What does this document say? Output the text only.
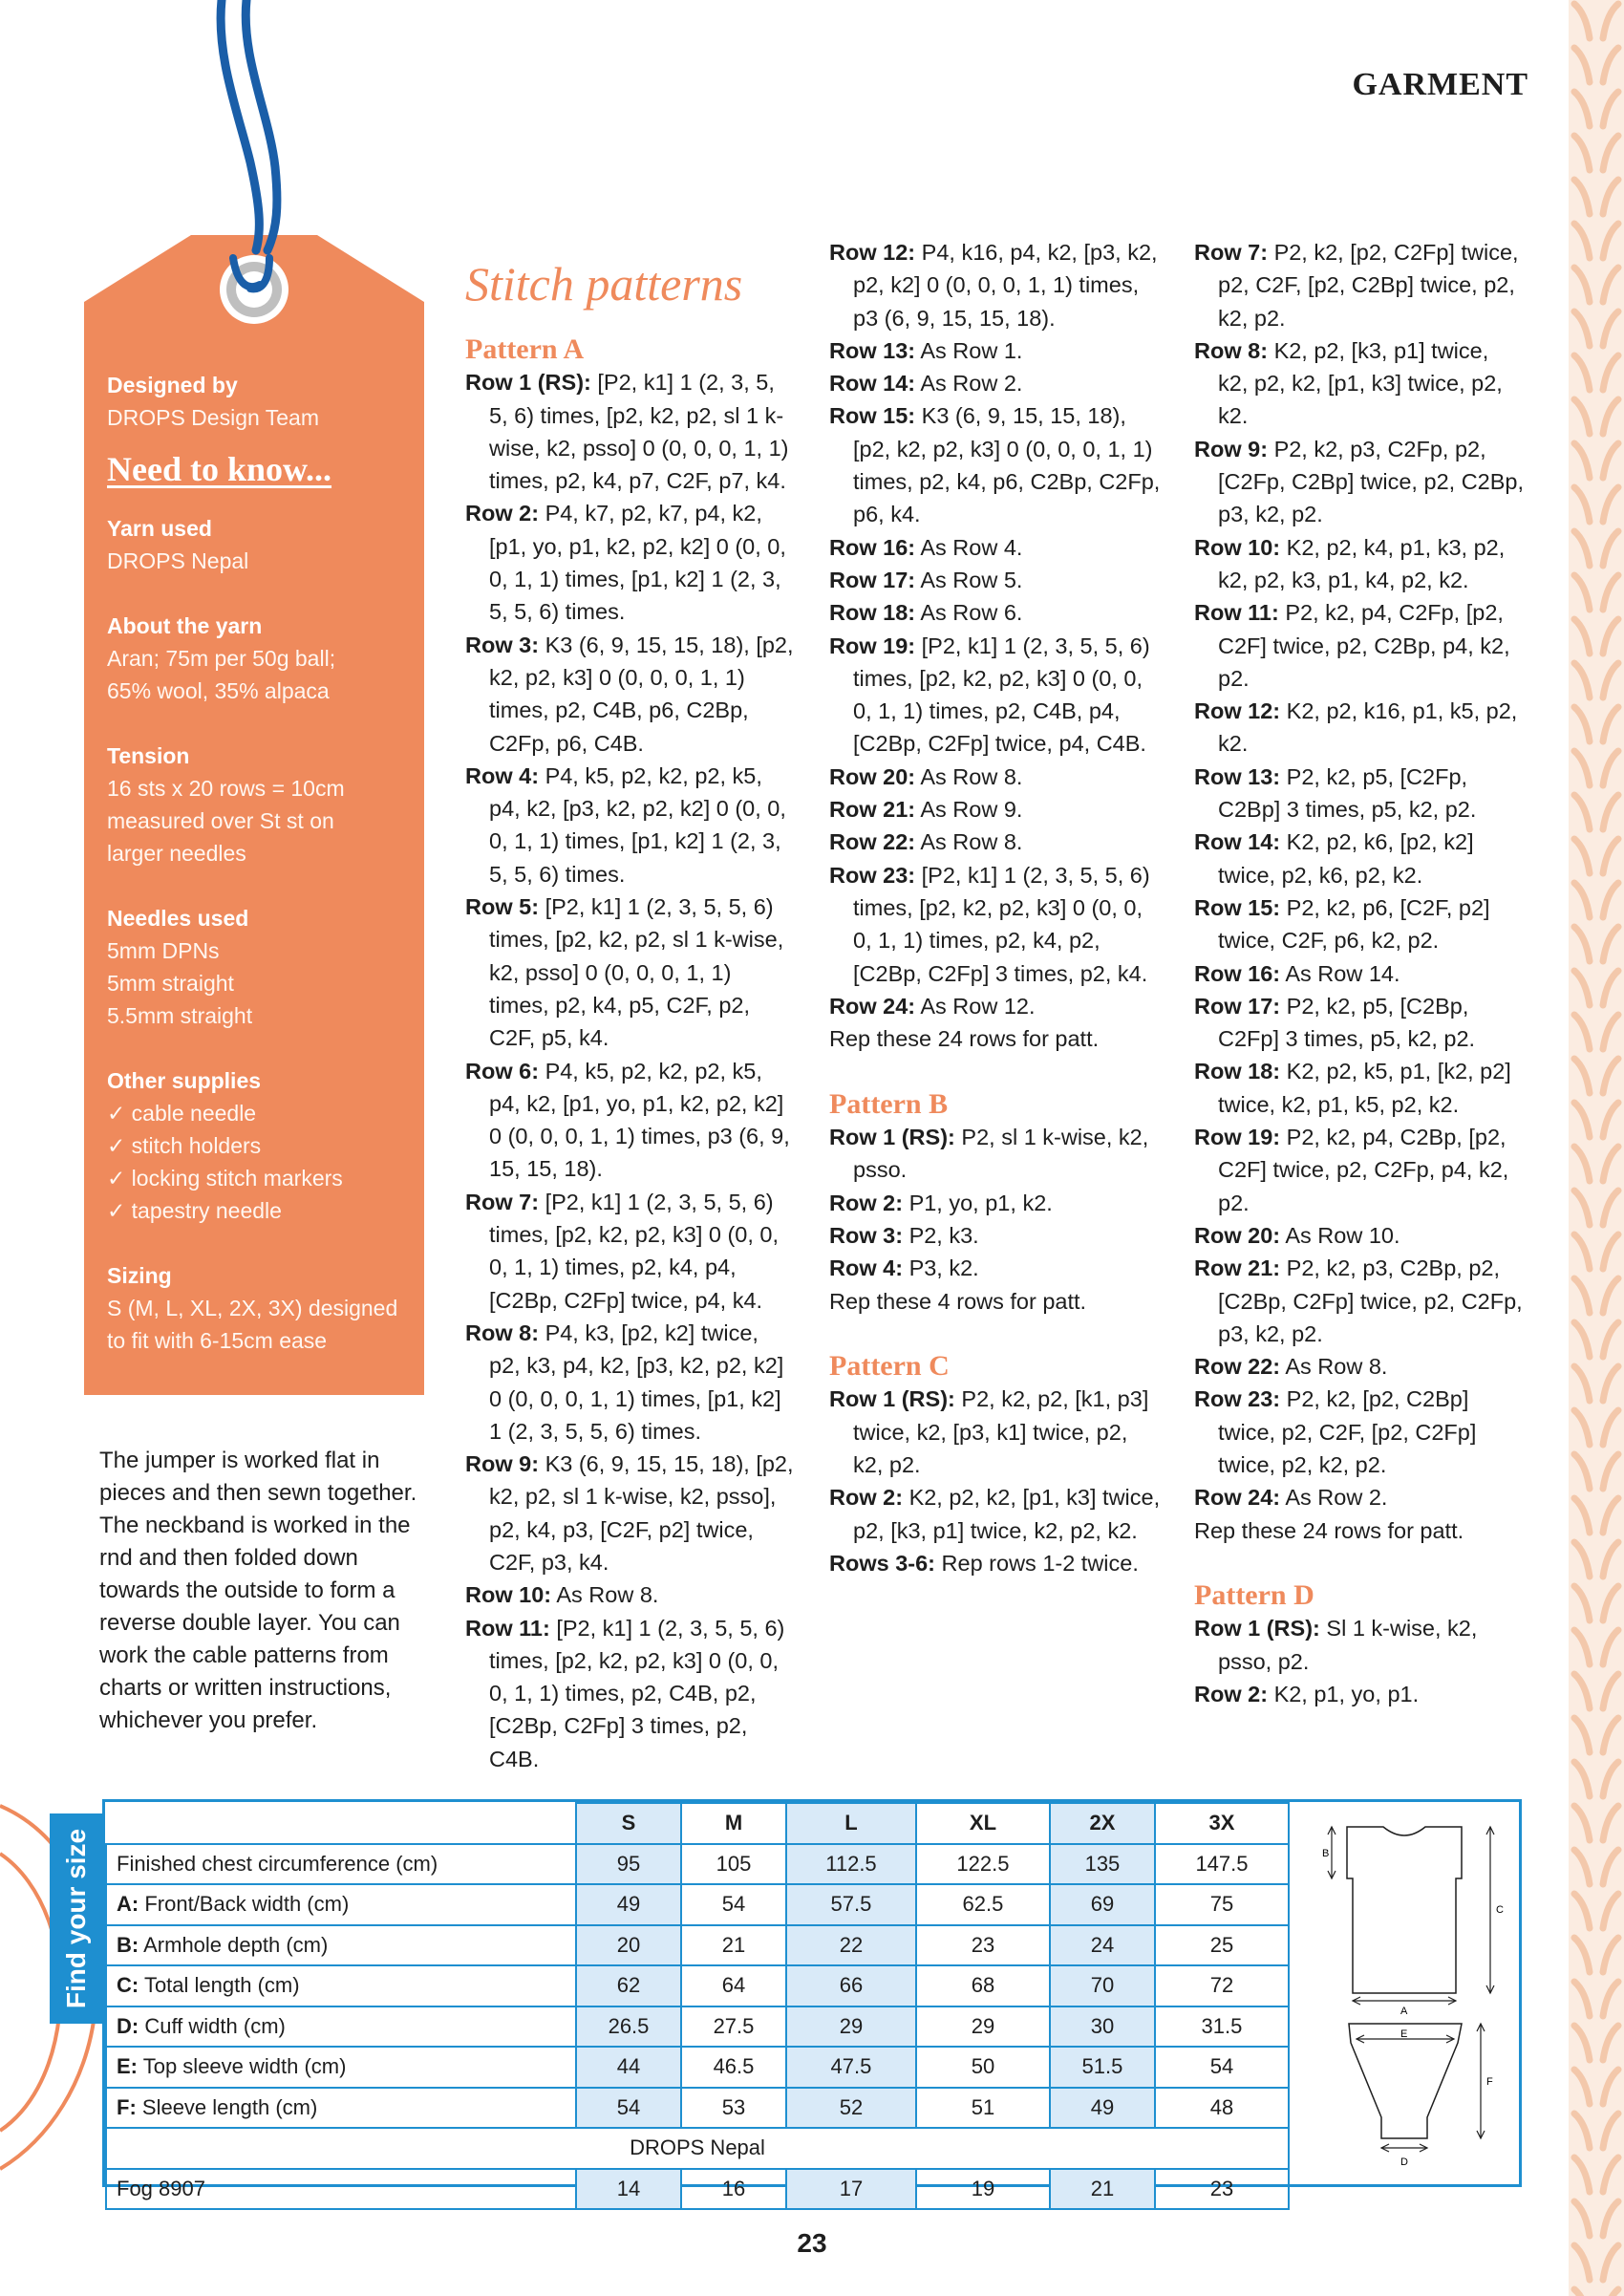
GARMENT

Designed by

DROPS Design Team

Need to know...

Yarn used

DROPS Nepal

About the yarn

Aran; 75m per 50g ball;

65% wool, 35% alpaca

Tension

16 sts x 20 rows = 10cm

measured over St st on

larger needles

Needles used

5mm DPNs

5mm straight

5.5mm straight

Other supplies

✓ cable needle

✓ stitch holders

✓ locking stitch markers

✓ tapestry needle

Sizing

S (M, L, XL, 2X, 3X) designed

to fit with 6-15cm ease

The jumper is worked flat in pieces and then sewn together. The neckband is worked in the rnd and then folded down towards the outside to form a reverse double layer. You can work the cable patterns from charts or written instructions, whichever you prefer.

Stitch patterns
Pattern A
Row 1 (RS): [P2, k1] 1 (2, 3, 5, 5, 6) times, [p2, k2, p2, sl 1 k-wise, k2, psso] 0 (0, 0, 0, 1, 1) times, p2, k4, p7, C2F, p7, k4.
Row 2: P4, k7, p2, k7, p4, k2, [p1, yo, p1, k2, p2, k2] 0 (0, 0, 0, 1, 1) times, [p1, k2] 1 (2, 3, 5, 5, 6) times.
Row 3: K3 (6, 9, 15, 15, 18), [p2, k2, p2, k3] 0 (0, 0, 0, 1, 1) times, p2, C4B, p6, C2Bp, C2Fp, p6, C4B.
Row 4: P4, k5, p2, k2, p2, k5, p4, k2, [p3, k2, p2, k2] 0 (0, 0, 0, 1, 1) times, [p1, k2] 1 (2, 3, 5, 5, 6) times.
Row 5: [P2, k1] 1 (2, 3, 5, 5, 6) times, [p2, k2, p2, sl 1 k-wise, k2, psso] 0 (0, 0, 0, 1, 1) times, p2, k4, p5, C2F, p2, C2F, p5, k4.
Row 6: P4, k5, p2, k2, p2, k5, p4, k2, [p1, yo, p1, k2, p2, k2] 0 (0, 0, 0, 1, 1) times, p3 (6, 9, 15, 15, 18).
Row 7: [P2, k1] 1 (2, 3, 5, 5, 6) times, [p2, k2, p2, k3] 0 (0, 0, 0, 1, 1) times, p2, k4, p4, [C2Bp, C2Fp] twice, p4, k4.
Row 8: P4, k3, [p2, k2] twice, p2, k3, p4, k2, [p3, k2, p2, k2] 0 (0, 0, 0, 1, 1) times, [p1, k2] 1 (2, 3, 5, 5, 6) times.
Row 9: K3 (6, 9, 15, 15, 18), [p2, k2, p2, sl 1 k-wise, k2, psso], p2, k4, p3, [C2F, p2] twice, C2F, p3, k4.
Row 10: As Row 8.
Row 11: [P2, k1] 1 (2, 3, 5, 5, 6) times, [p2, k2, p2, k3] 0 (0, 0, 0, 1, 1) times, p2, C4B, p2, [C2Bp, C2Fp] 3 times, p2, C4B.
Row 12: P4, k16, p4, k2, [p3, k2, p2, k2] 0 (0, 0, 0, 1, 1) times, p3 (6, 9, 15, 15, 18).
Row 13: As Row 1.
Row 14: As Row 2.
Row 15: K3 (6, 9, 15, 15, 18), [p2, k2, p2, k3] 0 (0, 0, 0, 1, 1) times, p2, k4, p6, C2Bp, C2Fp, p6, k4.
Row 16: As Row 4.
Row 17: As Row 5.
Row 18: As Row 6.
Row 19: [P2, k1] 1 (2, 3, 5, 5, 6) times, [p2, k2, p2, k3] 0 (0, 0, 0, 1, 1) times, p2, C4B, p4, [C2Bp, C2Fp] twice, p4, C4B.
Row 20: As Row 8.
Row 21: As Row 9.
Row 22: As Row 8.
Row 23: [P2, k1] 1 (2, 3, 5, 5, 6) times, [p2, k2, p2, k3] 0 (0, 0, 0, 1, 1) times, p2, k4, p2, [C2Bp, C2Fp] 3 times, p2, k4.
Row 24: As Row 12.
Rep these 24 rows for patt.
Pattern B
Row 1 (RS): P2, sl 1 k-wise, k2, psso.
Row 2: P1, yo, p1, k2.
Row 3: P2, k3.
Row 4: P3, k2.
Rep these 4 rows for patt.
Pattern C
Row 1 (RS): P2, k2, p2, [k1, p3] twice, k2, [p3, k1] twice, p2, k2, p2.
Row 2: K2, p2, k2, [p1, k3] twice, p2, [k3, p1] twice, k2, p2, k2.
Rows 3-6: Rep rows 1-2 twice.
Row 7: P2, k2, [p2, C2Fp] twice, p2, C2F, [p2, C2Bp] twice, p2, k2, p2.
Row 8: K2, p2, [k3, p1] twice, k2, p2, k2, [p1, k3] twice, p2, k2.
Row 9: P2, k2, p3, C2Fp, p2, [C2Fp, C2Bp] twice, p2, C2Bp, p3, k2, p2.
Row 10: K2, p2, k4, p1, k3, p2, k2, p2, k3, p1, k4, p2, k2.
Row 11: P2, k2, p4, C2Fp, [p2, C2F] twice, p2, C2Bp, p4, k2, p2.
Row 12: K2, p2, k16, p1, k5, p2, k2.
Row 13: P2, k2, p5, [C2Fp, C2Bp] 3 times, p5, k2, p2.
Row 14: K2, p2, k6, [p2, k2] twice, p2, k6, p2, k2.
Row 15: P2, k2, p6, [C2F, p2] twice, C2F, p6, k2, p2.
Row 16: As Row 14.
Row 17: P2, k2, p5, [C2Bp, C2Fp] 3 times, p5, k2, p2.
Row 18: K2, p2, k5, p1, [k2, p2] twice, k2, p1, k5, p2, k2.
Row 19: P2, k2, p4, C2Bp, [p2, C2F] twice, p2, C2Fp, p4, k2, p2.
Row 20: As Row 10.
Row 21: P2, k2, p3, C2Bp, p2, [C2Bp, C2Fp] twice, p2, C2Fp, p3, k2, p2.
Row 22: As Row 8.
Row 23: P2, k2, [p2, C2Bp] twice, p2, C2F, [p2, C2Fp] twice, p2, k2, p2.
Row 24: As Row 2.
Rep these 24 rows for patt.
Pattern D
Row 1 (RS): Sl 1 k-wise, k2, psso, p2.
Row 2: K2, p1, yo, p1.
Find your size
	S	M	L	XL	2X	3X
Finished chest circumference (cm)	95	105	112.5	122.5	135	147.5
A: Front/Back width (cm)	49	54	57.5	62.5	69	75
B: Armhole depth (cm)	20	21	22	23	24	25
C: Total length (cm)	62	64	66	68	70	72
D: Cuff width (cm)	26.5	27.5	29	29	30	31.5
E: Top sleeve width (cm)	44	46.5	47.5	50	51.5	54
F: Sleeve length (cm)	54	53	52	51	49	48
DROPS Nepal						
Fog 8907	14	16	17	19	21	23
B
C
A
E
F
D
23
